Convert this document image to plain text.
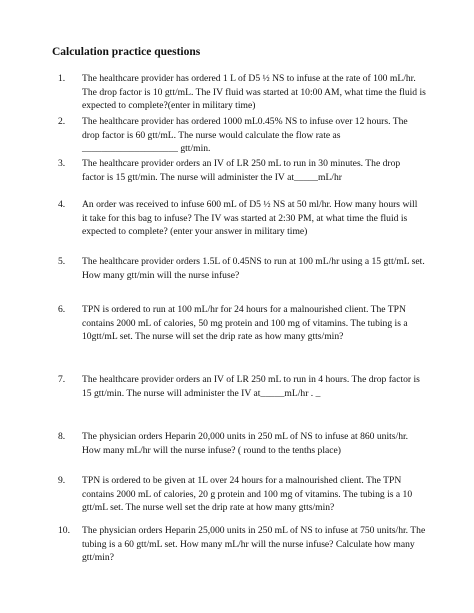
Calculation practice questions
1.	The healthcare provider has ordered 1 L of D5 ½ NS to infuse at the rate of 100 mL/hr.
The drop factor is 10 gtt/mL. The IV fluid was started at 10:00 AM, what time the fluid is
expected to complete?(enter in military time)
2.	The healthcare provider has ordered 1000 mL0.45% NS to infuse over 12 hours. The
drop factor is 60 gtt/mL. The nurse would calculate the flow rate as
____________________ gtt/min.
3.	The healthcare provider orders an IV of LR 250 mL to run in 30 minutes. The drop
factor is 15 gtt/min. The nurse will administer the IV at_____mL/hr
4.	An order was received to infuse 600 mL of D5 ½ NS at 50 ml/hr. How many hours will
it take for this bag to infuse? The IV was started at 2:30 PM, at what time the fluid is
expected to complete? (enter your answer in military time)
5.	The healthcare provider orders 1.5L of 0.45NS to run at 100 mL/hr using a 15 gtt/mL set.
How many gtt/min will the nurse infuse?
6.	TPN is ordered to run at 100 mL/hr for 24 hours for a malnourished client. The TPN
contains 2000 mL of calories, 50 mg protein and 100 mg of vitamins. The tubing is a
10gtt/mL set. The nurse will set the drip rate as how many gtts/min?
7.	The healthcare provider orders an IV of LR 250 mL to run in 4 hours. The drop factor is
15 gtt/min. The nurse will administer the IV at_____mL/hr . _
8.	The physician orders Heparin 20,000 units in 250 mL of NS to infuse at 860 units/hr.
How many mL/hr will the nurse infuse? ( round to the tenths place)
9.	TPN is ordered to be given at 1L over 24 hours for a malnourished client. The TPN
contains 2000 mL of calories, 20 g protein and 100 mg of vitamins. The tubing is a 10
gtt/mL set. The nurse well set the drip rate at how many gtts/min?
10.	The physician orders Heparin 25,000 units in 250 mL of NS to infuse at 750 units/hr. The
tubing is a 60 gtt/mL set. How many mL/hr will the nurse infuse? Calculate how many
gtt/min?
